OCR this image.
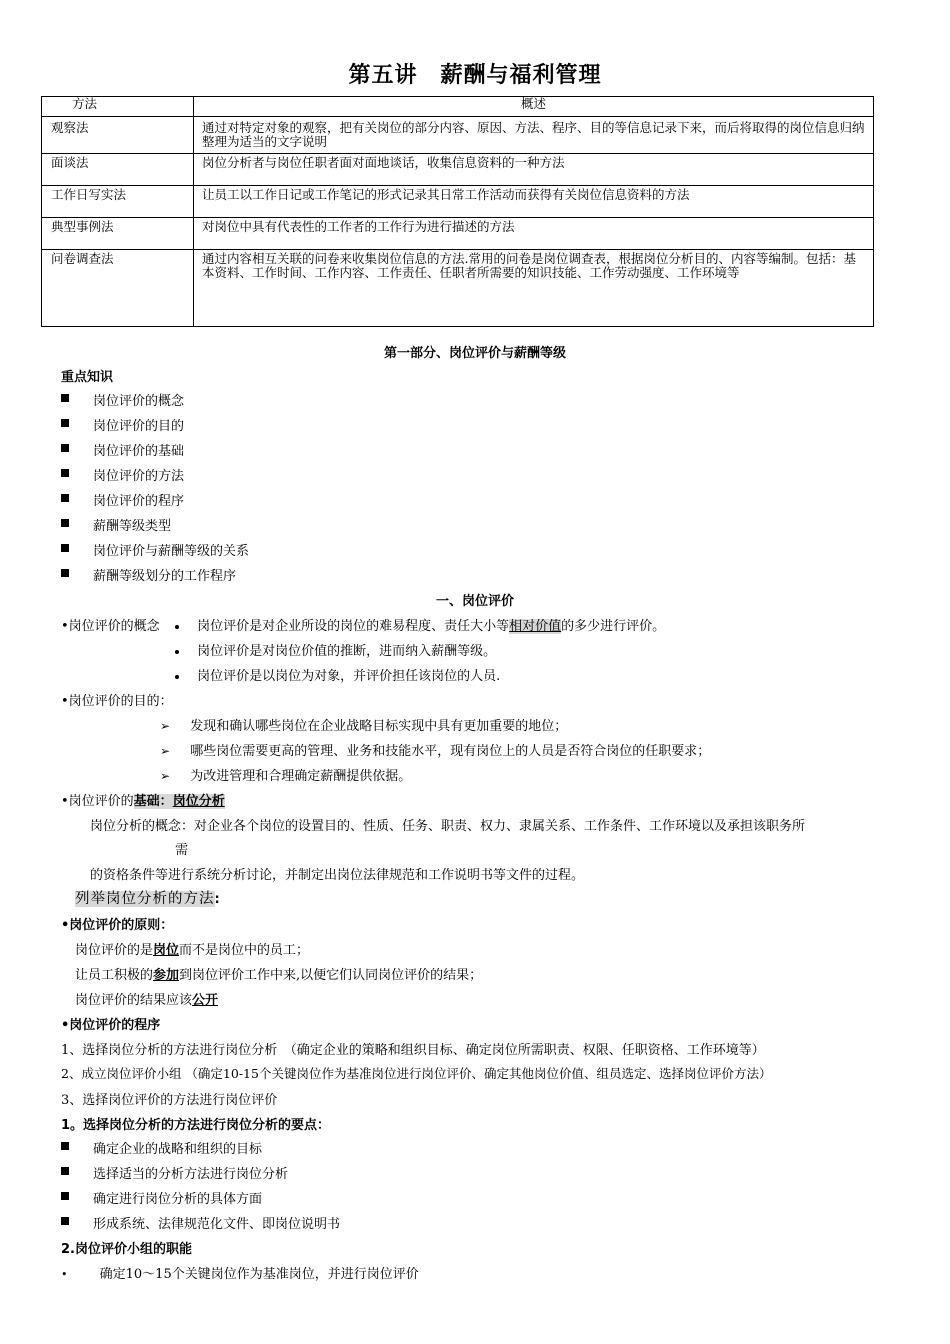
第五讲　薪酬与福利管理
方法	概述
观察法	通过对特定对象的观察，把有关岗位的部分内容、原因、方法、程序、目的等信息记录下来，而后将取得的岗位信息归纳整理为适当的文字说明
面谈法	岗位分析者与岗位任职者面对面地谈话，收集信息资料的一种方法
工作日写实法	让员工以工作日记或工作笔记的形式记录其日常工作活动而获得有关岗位信息资料的方法
典型事例法	对岗位中具有代表性的工作者的工作行为进行描述的方法
问卷调查法	通过内容相互关联的问卷来收集岗位信息的方法.常用的问卷是岗位调查表，根据岗位分析目的、内容等编制。包括：基本资料、工作时间、工作内容、工作责任、任职者所需要的知识技能、工作劳动强度、工作环境等
第一部分、岗位评价与薪酬等级
重点知识
岗位评价的概念
岗位评价的目的
岗位评价的基础
岗位评价的方法
岗位评价的程序
薪酬等级类型
岗位评价与薪酬等级的关系
薪酬等级划分的工作程序
一、岗位评价
•岗位评价的概念	岗位评价是对企业所设的岗位的难易程度、责任大小等相对价值的多少进行评价。
岗位评价是对岗位价值的推断，进而纳入薪酬等级。
岗位评价是以岗位为对象，并评价担任该岗位的人员.
•岗位评价的目的：
➢ 发现和确认哪些岗位在企业战略目标实现中具有更加重要的地位；
➢ 哪些岗位需要更高的管理、业务和技能水平，现有岗位上的人员是否符合岗位的任职要求；
➢ 为改进管理和合理确定薪酬提供依据。
•岗位评价的基础：岗位分析
岗位分析的概念：对企业各个岗位的设置目的、性质、任务、职责、权力、隶属关系、工作条件、工作环境以及承担该职务所
需
的资格条件等进行系统分析讨论，并制定出岗位法律规范和工作说明书等文件的过程。
列举岗位分析的方法:
•岗位评价的原则：
岗位评价的是岗位而不是岗位中的员工；
让员工积极的参加到岗位评价工作中来,以便它们认同岗位评价的结果；
岗位评价的结果应该公开
•岗位评价的程序
1、选择岗位分析的方法进行岗位分析　（确定企业的策略和组织目标、确定岗位所需职责、权限、任职资格、工作环境等）
2、成立岗位评价小组 （确定10-15个关键岗位作为基准岗位进行岗位评价、确定其他岗位价值、组员选定、选择岗位评价方法）
3、选择岗位评价的方法进行岗位评价
1。选择岗位分析的方法进行岗位分析的要点：
确定企业的战略和组织的目标
选择适当的分析方法进行岗位分析
确定进行岗位分析的具体方面
形成系统、法律规范化文件、即岗位说明书
2.岗位评价小组的职能
• 确定10～15个关键岗位作为基准岗位，并进行岗位评价
